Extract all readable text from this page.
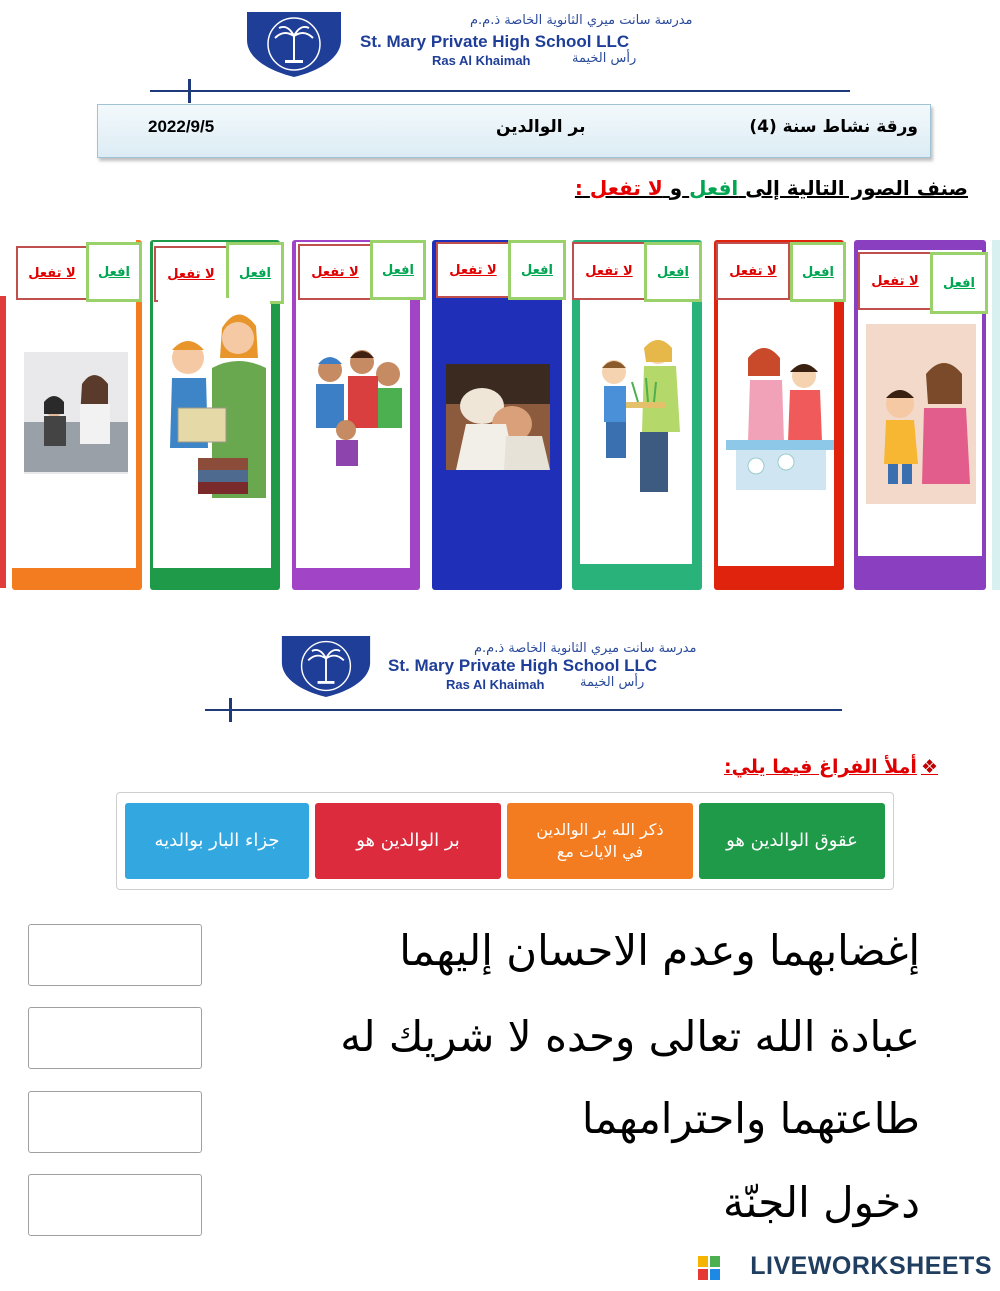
مدرسة سانت ميري الثانوية الخاصة ذ.م.م
St. Mary Private High School LLC
Ras Al Khaimah	رأس الخيمة
ورقة نشاط سنة (4)
بر الوالدين
2022/9/5
صنف الصور التالية إلى افعل و لا تفعل :
لا تفعل	افعل	لا تفعل	افعل	لا تفعل	افعل	لا تفعل	افعل	لا تفعل	افعل	لا تفعل	افعل
لا تفعل	افعل
مدرسة سانت ميري الثانوية الخاصة ذ.م.م
St. Mary Private High School LLC
Ras Al Khaimah	رأس الخيمة
❖أملأ الفراغ فيما يلي:
عقوق الوالدين هو
ذكر الله بر الوالدين
في الايات مع
بر الوالدين هو
جزاء البار بوالديه
إغضابهما وعدم الاحسان إليهما
عبادة الله تعالى وحده لا شريك له
طاعتهما واحترامهما
دخول الجنّة
LIVEWORKSHEETS
